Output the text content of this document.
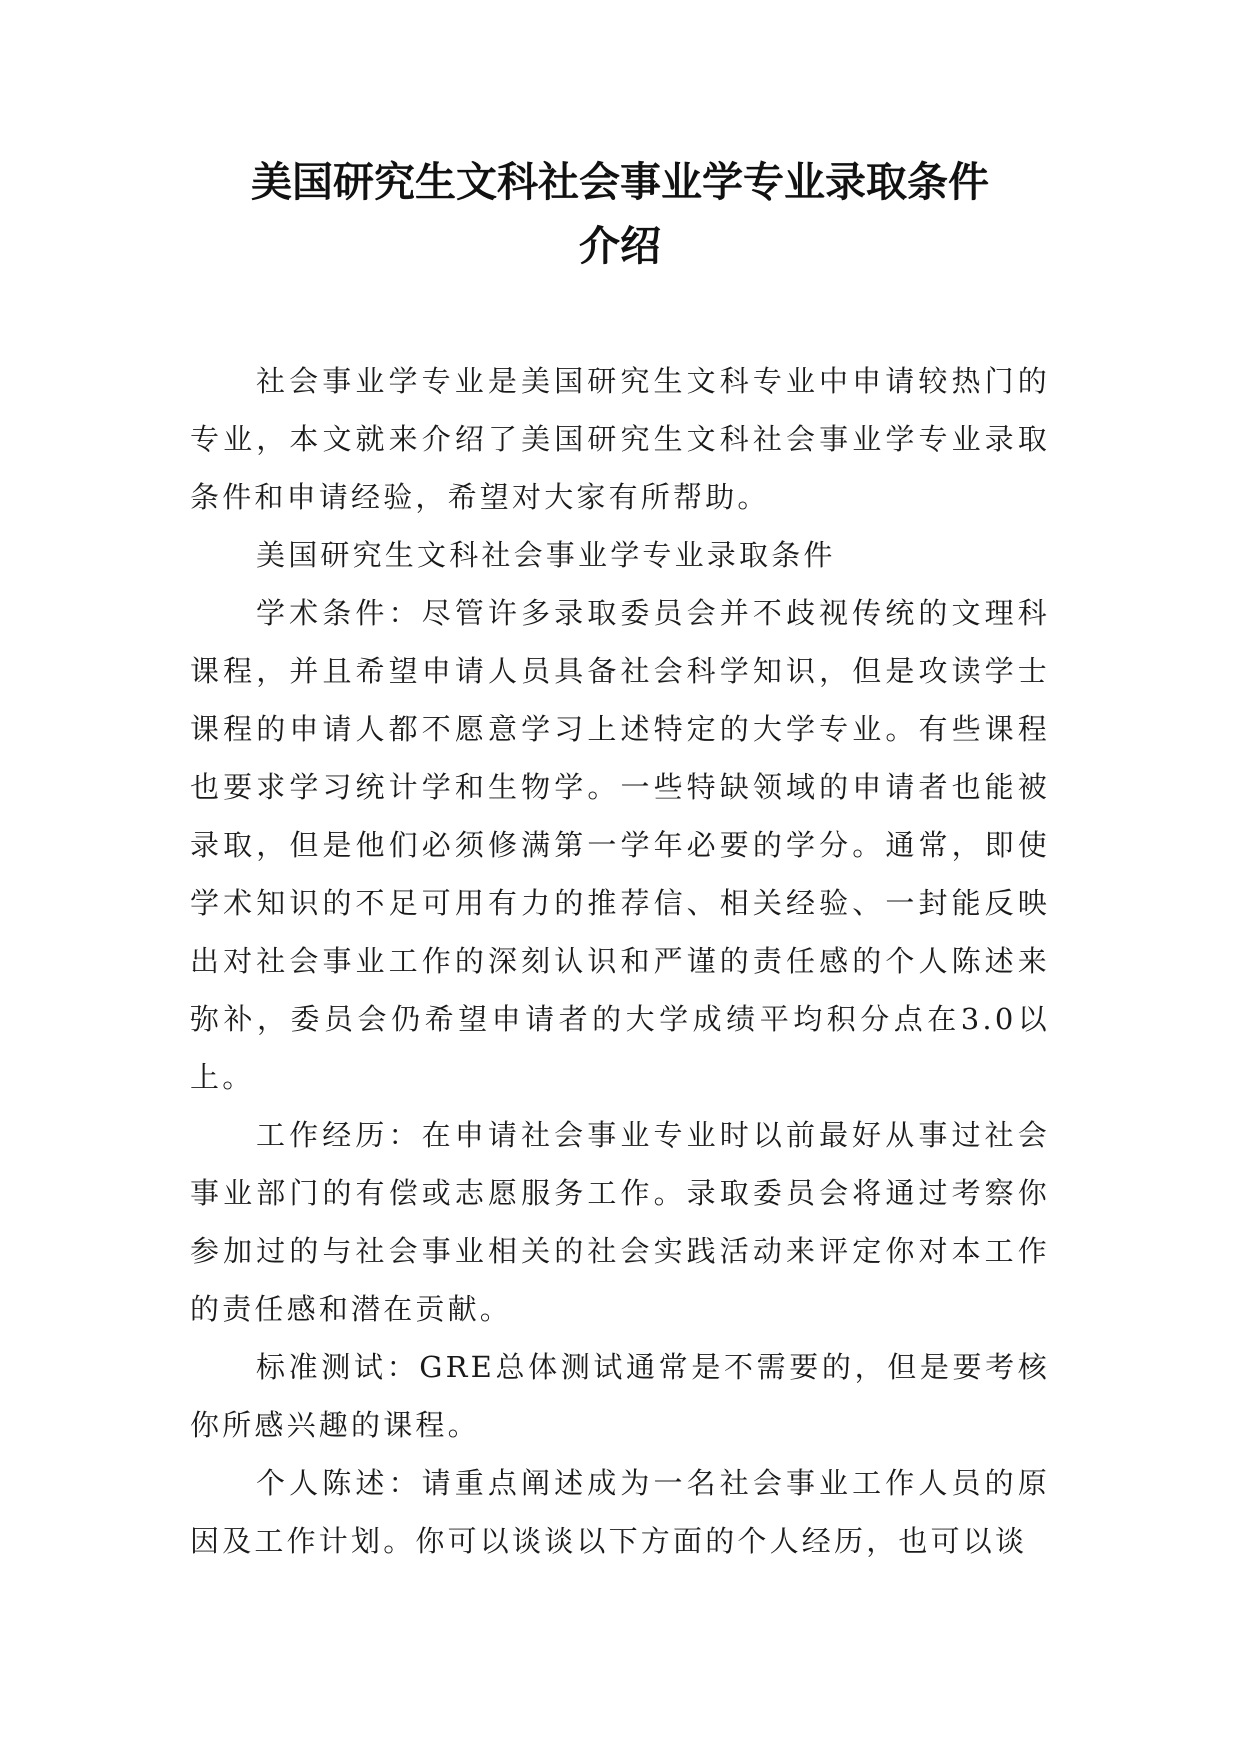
美国研究生文科社会事业学专业录取条件
介绍

社会事业学专业是美国研究生文科专业中申请较热门的专业，本文就来介绍了美国研究生文科社会事业学专业录取条件和申请经验，希望对大家有所帮助。

美国研究生文科社会事业学专业录取条件

学术条件：尽管许多录取委员会并不歧视传统的文理科课程，并且希望申请人员具备社会科学知识，但是攻读学士课程的申请人都不愿意学习上述特定的大学专业。有些课程也要求学习统计学和生物学。一些特缺领域的申请者也能被录取，但是他们必须修满第一学年必要的学分。通常，即使学术知识的不足可用有力的推荐信、相关经验、一封能反映出对社会事业工作的深刻认识和严谨的责任感的个人陈述来弥补，委员会仍希望申请者的大学成绩平均积分点在3.0以上。

工作经历：在申请社会事业专业时以前最好从事过社会事业部门的有偿或志愿服务工作。录取委员会将通过考察你参加过的与社会事业相关的社会实践活动来评定你对本工作的责任感和潜在贡献。

标准测试：GRE总体测试通常是不需要的，但是要考核你所感兴趣的课程。

个人陈述：请重点阐述成为一名社会事业工作人员的原因及工作计划。你可以谈谈以下方面的个人经历，也可以谈
